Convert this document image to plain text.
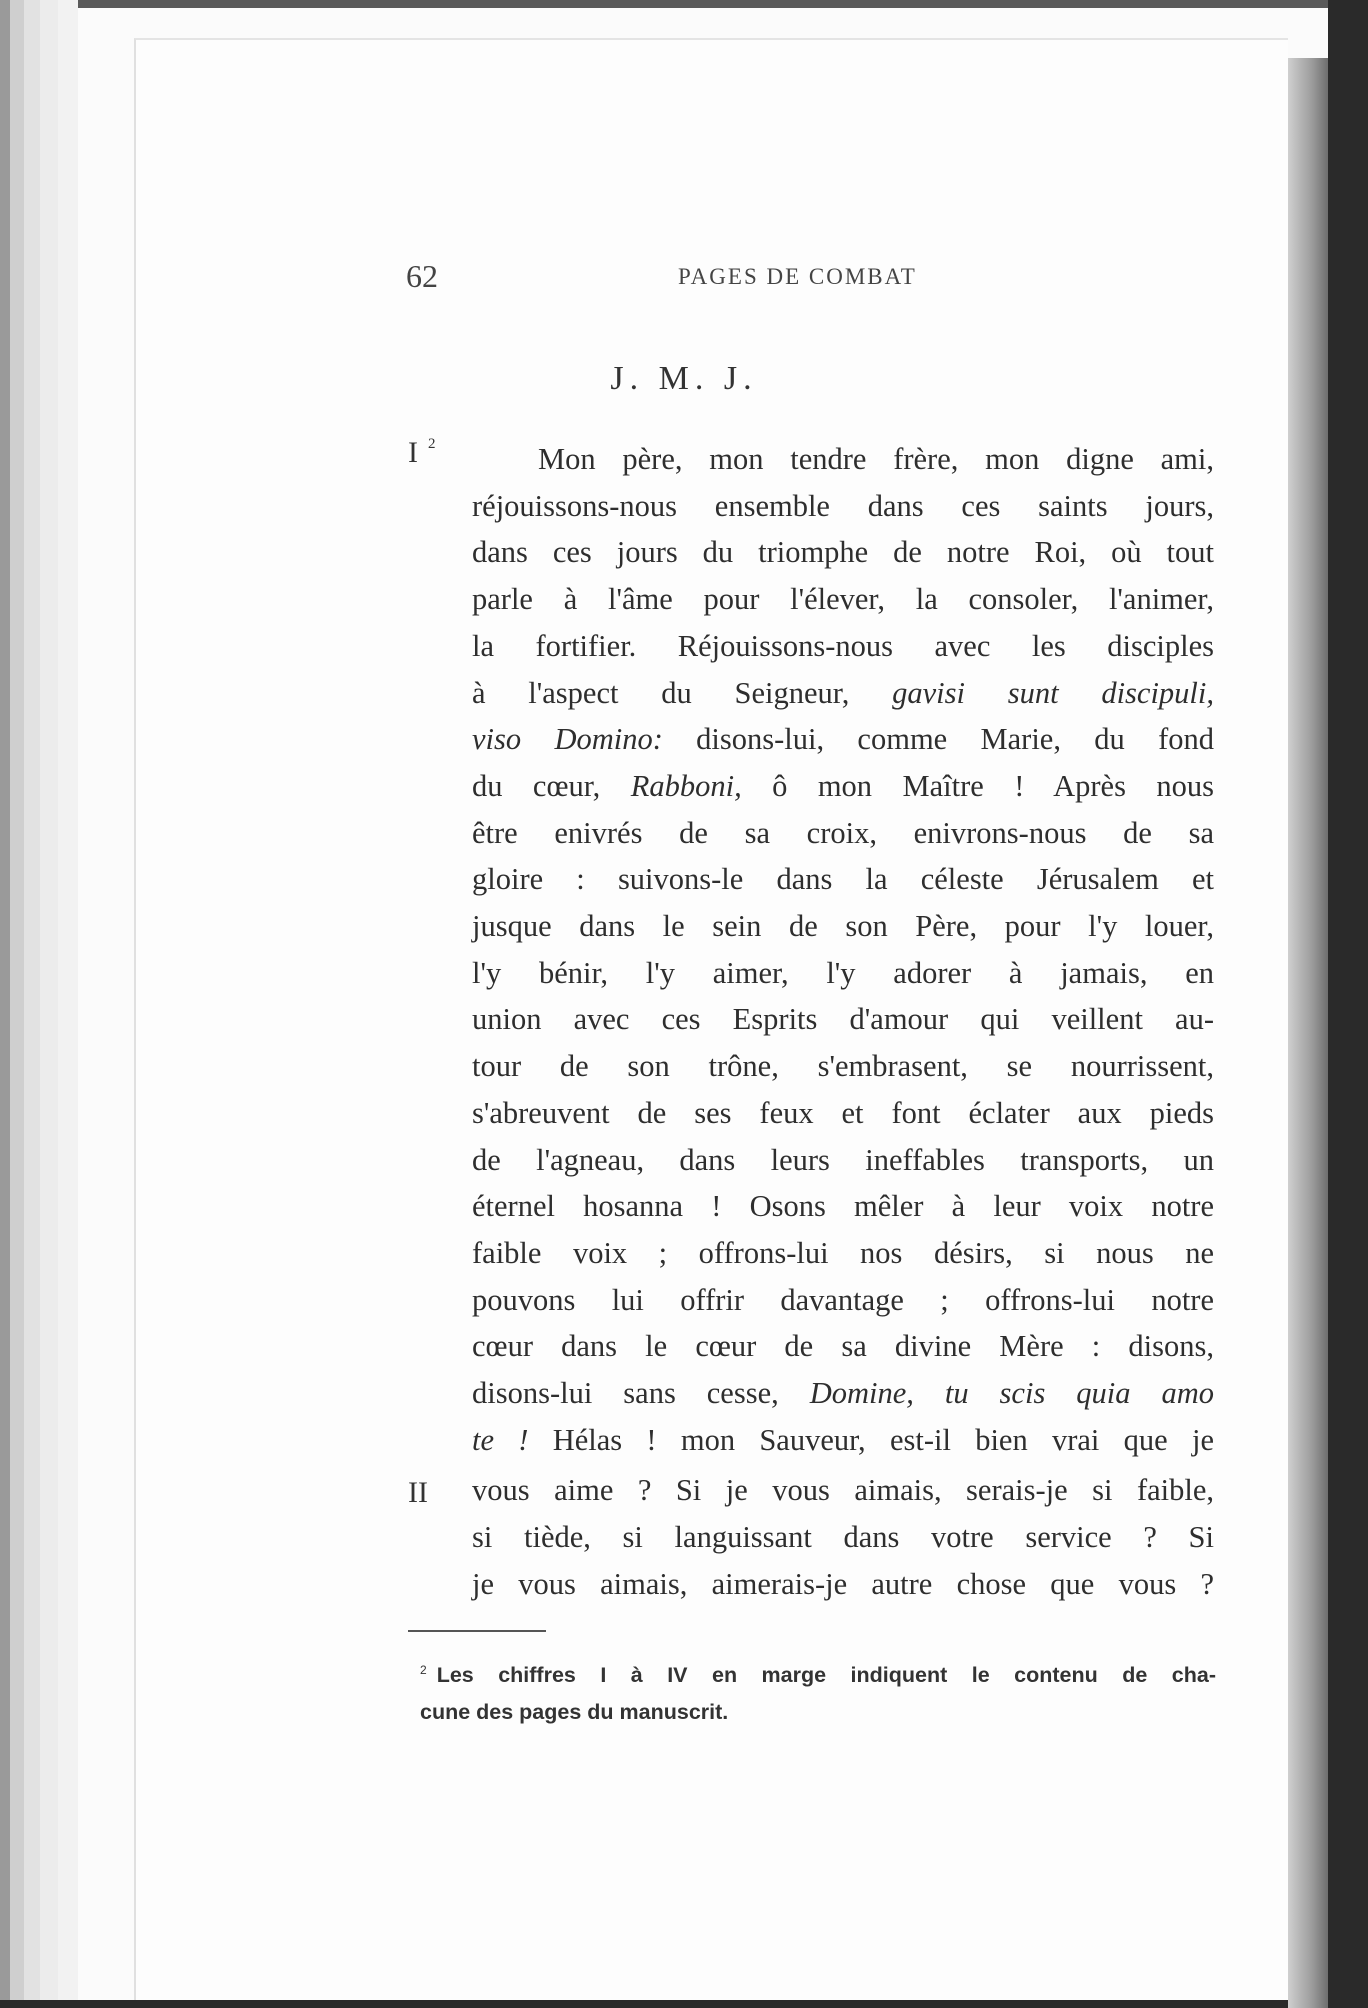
62	PAGES DE COMBAT
J. M. J.
I $^2$
II
Mon père, mon tendre frère, mon digne ami,
réjouissons-nous ensemble dans ces saints jours,
dans ces jours du triomphe de notre Roi, où tout
parle à l'âme pour l'élever, la consoler, l'animer,
la fortifier. Réjouissons-nous avec les disciples
à l'aspect du Seigneur, gavisi sunt discipuli,
viso Domino: disons-lui, comme Marie, du fond
du cœur, Rabboni, ô mon Maître ! Après nous
être enivrés de sa croix, enivrons-nous de sa
gloire : suivons-le dans la céleste Jérusalem et
jusque dans le sein de son Père, pour l'y louer,
l'y bénir, l'y aimer, l'y adorer à jamais, en
union avec ces Esprits d'amour qui veillent au-
tour de son trône, s'embrasent, se nourrissent,
s'abreuvent de ses feux et font éclater aux pieds
de l'agneau, dans leurs ineffables transports, un
éternel hosanna ! Osons mêler à leur voix notre
faible voix ; offrons-lui nos désirs, si nous ne
pouvons lui offrir davantage ; offrons-lui notre
cœur dans le cœur de sa divine Mère : disons,
disons-lui sans cesse, Domine, tu scis quia amo
te ! Hélas ! mon Sauveur, est-il bien vrai que je
vous aime ? Si je vous aimais, serais-je si faible,
si tiède, si languissant dans votre service ? Si
je vous aimais, aimerais-je autre chose que vous ?
$^2$ Les chiffres I à IV en marge indiquent le contenu de cha-
cune des pages du manuscrit.
